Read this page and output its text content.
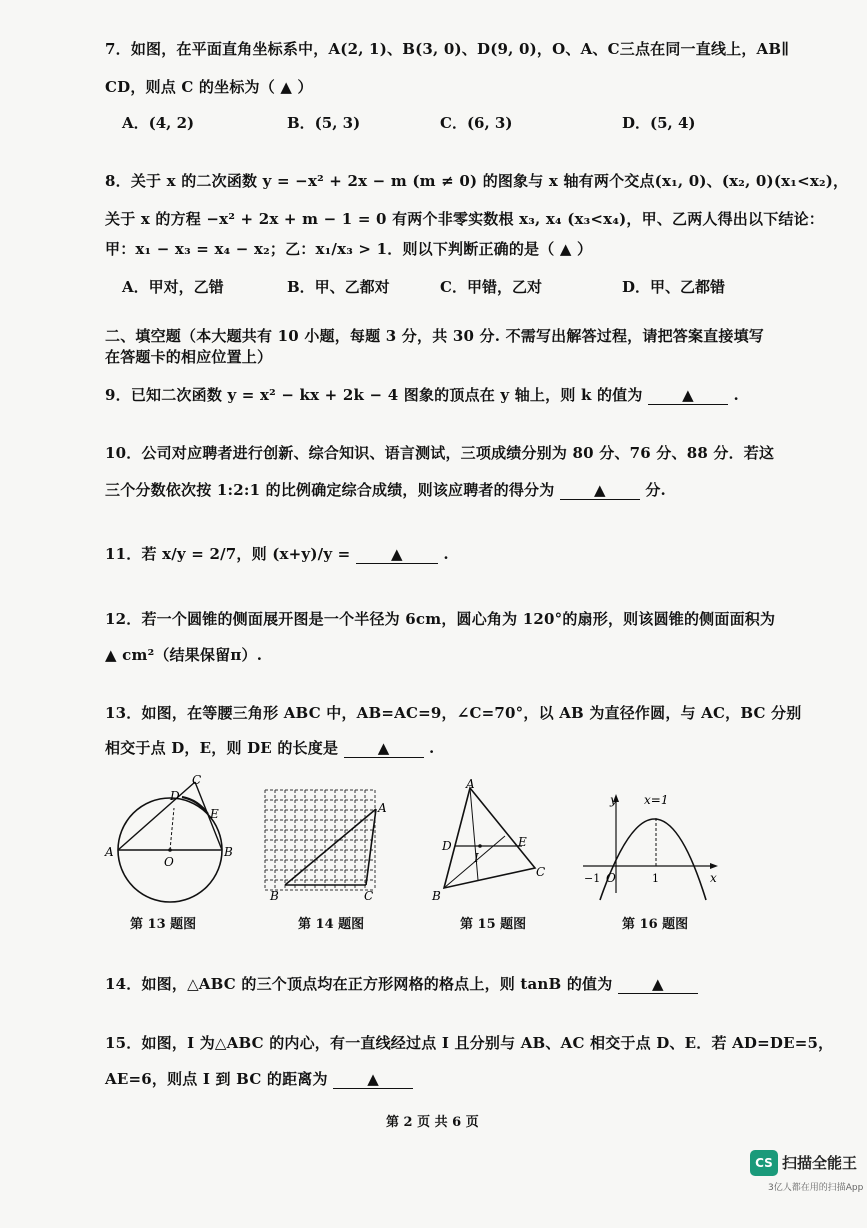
7．如图，在平面直角坐标系中，A(2, 1)、B(3, 0)、D(9, 0)，O、A、C三点在同一直线上，AB∥
CD，则点 C 的坐标为（ ▲ ）
A．(4, 2)	B．(5, 3)	C．(6, 3)	D．(5, 4)
8．关于 x 的二次函数 y = −x² + 2x − m (m ≠ 0) 的图象与 x 轴有两个交点(x₁, 0)、(x₂, 0)(x₁<x₂)，
关于 x 的方程 −x² + 2x + m − 1 = 0 有两个非零实数根 x₃, x₄ (x₃<x₄)，甲、乙两人得出以下结论：
甲：x₁ − x₃ = x₄ − x₂；乙：x₁/x₃ > 1．则以下判断正确的是（ ▲ ）
A．甲对，乙错	B．甲、乙都对	C．甲错，乙对	D．甲、乙都错
二、填空题（本大题共有 10 小题，每题 3 分，共 30 分. 不需写出解答过程，请把答案直接填写
在答题卡的相应位置上）
9．已知二次函数 y = x² − kx + 2k − 4 图象的顶点在 y 轴上，则 k 的值为	▲	.
10．公司对应聘者进行创新、综合知识、语言测试，三项成绩分别为 80 分、76 分、88 分．若这
三个分数依次按 1:2:1 的比例确定综合成绩，则该应聘者的得分为	▲	分.
11．若 x/y = 2/7，则 (x+y)/y =	▲	.
12．若一个圆锥的侧面展开图是一个半径为 6cm，圆心角为 120°的扇形，则该圆锥的侧面面积为
▲ cm²（结果保留π）.
13．如图，在等腰三角形 ABC 中，AB=AC=9，∠C=70°，以 AB 为直径作圆，与 AC，BC 分别
相交于点 D，E，则 DE 的长度是	▲	.
C
D
E
A
O
B
A
B	C
A
D
I
E
C
B
y x=1
−1 O	1	x
第 13 题图	第 14 题图	第 15 题图	第 16 题图
14．如图，△ABC 的三个顶点均在正方形网格的格点上，则 tanB 的值为	▲
15．如图，I 为△ABC 的内心，有一直线经过点 I 且分别与 AB、AC 相交于点 D、E．若 AD=DE=5，
AE=6，则点 I 到 BC 的距离为	▲
第 2 页 共 6 页
CS 扫描全能王
3亿人都在用的扫描App
